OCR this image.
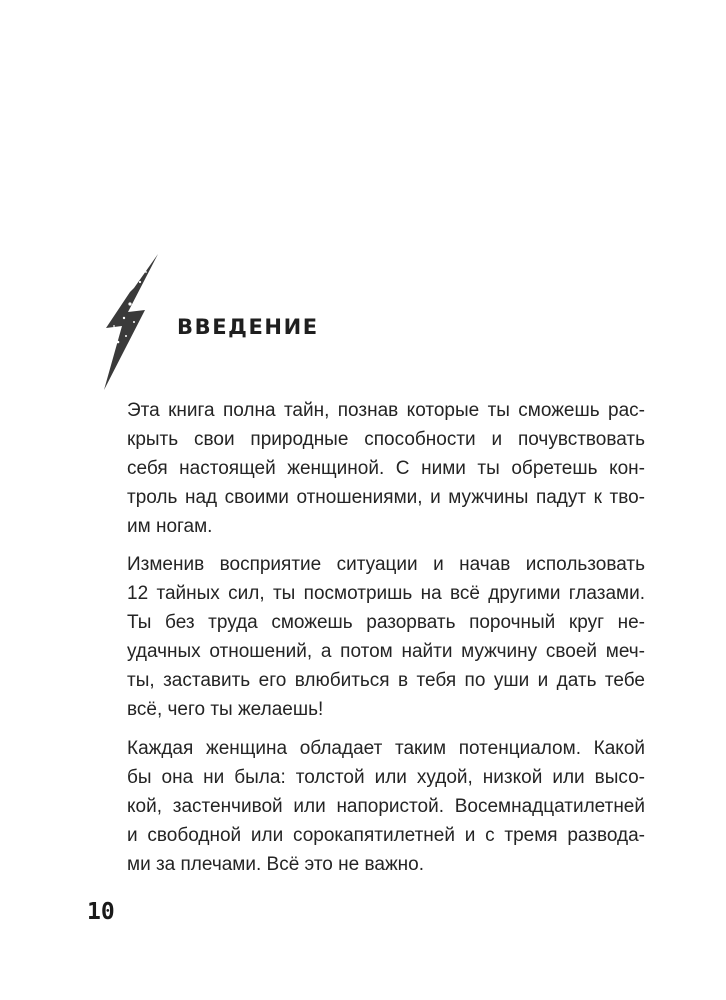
ВВЕДЕНИЕ

Эта книга полна тайн, познав которые ты сможешь рас-

крыть свои природные способности и почувствовать

себя настоящей женщиной. С ними ты обретешь кон-

троль над своими отношениями, и мужчины падут к тво-

им ногам.

Изменив восприятие ситуации и начав использовать

12 тайных сил, ты посмотришь на всё другими глазами.

Ты без труда сможешь разорвать порочный круг не-

удачных отношений, а потом найти мужчину своей меч-

ты, заставить его влюбиться в тебя по уши и дать тебе

всё, чего ты желаешь!

Каждая женщина обладает таким потенциалом. Какой

бы она ни была: толстой или худой, низкой или высо-

кой, застенчивой или напористой. Восемнадцатилетней

и свободной или сорокапятилетней и с тремя развода-

ми за плечами. Всё это не важно.

10
